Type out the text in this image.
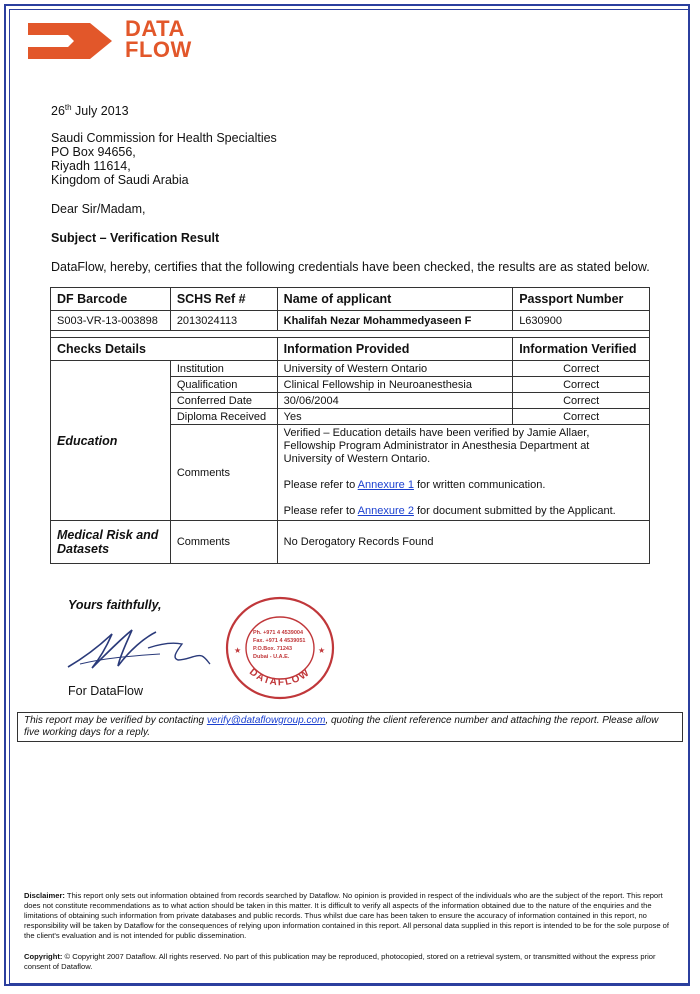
DATA
FLOW
26th July 2013
Saudi Commission for Health Specialties
PO Box 94656,
Riyadh 11614,
Kingdom of Saudi Arabia
Dear Sir/Madam,
Subject – Verification Result
DataFlow, hereby, certifies that the following credentials have been checked, the results are as stated below.
DF Barcode	SCHS Ref #	Name of applicant	Passport Number
S003-VR-13-003898	2013024113	Khalifah Nezar Mohammedyaseen F	L630900

Checks Details		Information Provided	Information Verified
Education	Institution	University of Western Ontario	Correct
	Qualification	Clinical Fellowship in Neuroanesthesia	Correct
	Conferred Date	30/06/2004	Correct
	Diploma Received	Yes	Correct
	Comments	Verified – Education details have been verified by Jamie Allaer,
Fellowship Program Administrator in Anesthesia Department at
University of Western Ontario.
Please refer to Annexure 1 for written communication.
Please refer to Annexure 2 for document submitted by the Applicant.	

Medical Risk and Datasets	Comments	No Derogatory Records Found	
Yours faithfully,
For DataFlow
DATAFLOW
★	★
Ph. +971 4 4539004
Fax. +971 4 4539051
P.O.Box. 71243
Dubai - U.A.E.
This report may be verified by contacting verify@dataflowgroup.com, quoting the client reference number and attaching the report. Please allow five working days for a reply.
Disclaimer: This report only sets out information obtained from records searched by Dataflow. No opinion is provided in respect of the individuals who are the subject of the report. This report does not constitute recommendations as to what action should be taken in this matter. It is difficult to verify all aspects of the information obtained due to the nature of the enquiries and the limitations of obtaining such information from private databases and public records. Thus whilst due care has been taken to ensure the accuracy of information contained in this report, no responsibility will be taken by Dataflow for the consequences of relying upon information contained in this report. All personal data supplied in this report is intended to be for the sole purpose of the client's evaluation and is not intended for public dissemination.
Copyright: © Copyright 2007 Dataflow. All rights reserved. No part of this publication may be reproduced, photocopied, stored on a retrieval system, or transmitted without the express prior consent of Dataflow.
